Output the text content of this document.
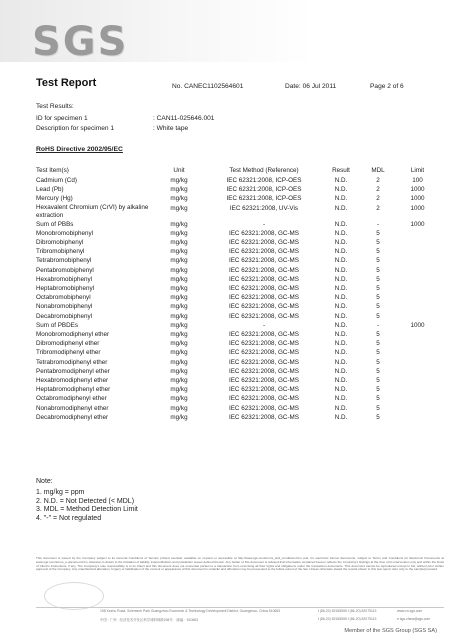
SGS
Test Report	No. CANEC1102564601	Date: 06 Jul 2011	Page 2 of 6
Test Results:
ID for specimen 1	: CAN11-025646.001
Description for specimen 1	: White tape
RoHS Directive 2002/95/EC
Test Item(s)	Unit	Test Method (Reference)	Result	MDL	Limit
Cadmium (Cd)	mg/kg	IEC 62321:2008, ICP-OES	N.D.	2	100
Lead (Pb)	mg/kg	IEC 62321:2008, ICP-OES	N.D.	2	1000
Mercury (Hg)	mg/kg	IEC 62321:2008, ICP-OES	N.D.	2	1000
Hexavalent Chromium (CrVI) by alkaline extraction	mg/kg	IEC 62321:2008, UV-Vis	N.D.	2	1000
Sum of PBBs	mg/kg	-	N.D.	-	1000
Monobromobiphenyl	mg/kg	IEC 62321:2008, GC-MS	N.D.	5	
Dibromobiphenyl	mg/kg	IEC 62321:2008, GC-MS	N.D.	5	
Tribromobiphenyl	mg/kg	IEC 62321:2008, GC-MS	N.D.	5	
Tetrabromobiphenyl	mg/kg	IEC 62321:2008, GC-MS	N.D.	5	
Pentabromobiphenyl	mg/kg	IEC 62321:2008, GC-MS	N.D.	5	
Hexabromobiphenyl	mg/kg	IEC 62321:2008, GC-MS	N.D.	5	
Heptabromobiphenyl	mg/kg	IEC 62321:2008, GC-MS	N.D.	5	
Octabromobiphenyl	mg/kg	IEC 62321:2008, GC-MS	N.D.	5	
Nonabromobiphenyl	mg/kg	IEC 62321:2008, GC-MS	N.D.	5	
Decabromobiphenyl	mg/kg	IEC 62321:2008, GC-MS	N.D.	5	
Sum of PBDEs	mg/kg	-	N.D.	-	1000
Monobromodiphenyl ether	mg/kg	IEC 62321:2008, GC-MS	N.D.	5	
Dibromodiphenyl ether	mg/kg	IEC 62321:2008, GC-MS	N.D.	5	
Tribromodiphenyl ether	mg/kg	IEC 62321:2008, GC-MS	N.D.	5	
Tetrabromodiphenyl ether	mg/kg	IEC 62321:2008, GC-MS	N.D.	5	
Pentabromodiphenyl ether	mg/kg	IEC 62321:2008, GC-MS	N.D.	5	
Hexabromodiphenyl ether	mg/kg	IEC 62321:2008, GC-MS	N.D.	5	
Heptabromodiphenyl ether	mg/kg	IEC 62321:2008, GC-MS	N.D.	5	
Octabromodiphenyl ether	mg/kg	IEC 62321:2008, GC-MS	N.D.	5	
Nonabromodiphenyl ether	mg/kg	IEC 62321:2008, GC-MS	N.D.	5	
Decabromodiphenyl ether	mg/kg	IEC 62321:2008, GC-MS	N.D.	5	
Note:
1. mg/kg = ppm
2. N.D. = Not Detected (< MDL)
3. MDL = Method Detection Limit
4. "-" = Not regulated
This document is issued by the Company subject to its General Conditions of Service printed overleaf, available on request or accessible at http://www.sgs.com/terms_and_conditions.htm and, for electronic format documents, subject to Terms and Conditions for Electronic Documents at www.sgs.com/terms_e-document.htm. Attention is drawn to the limitation of liability, indemnification and jurisdiction issues defined therein. Any holder of this document is advised that information contained hereon reflects the Company's findings at the time of its intervention only and within the limits of Client's instructions, if any. The Company's sole responsibility is to its Client and this document does not exonerate parties to a transaction from exercising all their rights and obligations under the transaction documents. This document cannot be reproduced except in full, without prior written approval of the Company. Any unauthorized alteration, forgery or falsification of the content or appearance of this document is unlawful and offenders may be prosecuted to the fullest extent of the law. Unless otherwise stated the results shown in this test report refer only to the sample(s) tested.
198 Kezhu Road, Scientech Park Guangzhou Economic & Technology Development District, Guangzhou, China 510663
中国 · 广州 · 经济技术开发区科学城科珠路198号 邮编：510663
t (86-20) 82155555 f (86-20) 82075113
t (86-20) 82155555 f (86-20) 82075113
www.cn.sgs.com
e sgs.china@sgs.com
Member of the SGS Group (SGS SA)
